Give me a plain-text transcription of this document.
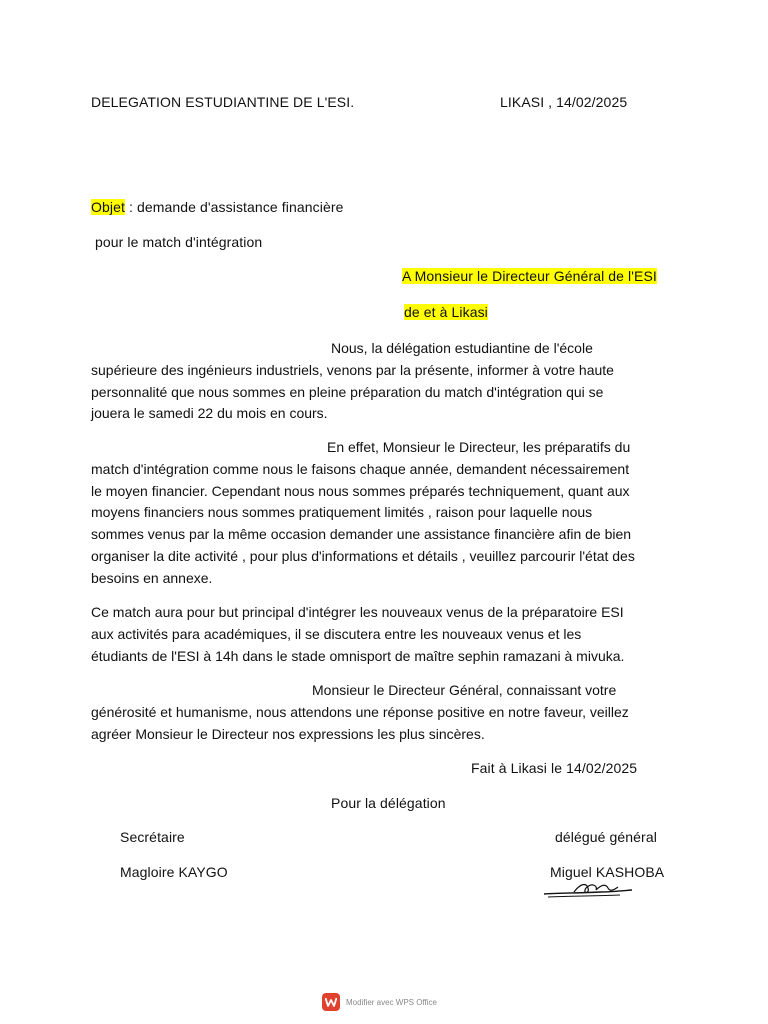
DELEGATION ESTUDIANTINE DE L'ESI.	LIKASI , 14/02/2025
Objet : demande d'assistance financière
pour le match d'intégration
A Monsieur le Directeur Général de l'ESI
de et à Likasi
Nous, la délégation estudiantine de l'école
supérieure des ingénieurs industriels, venons par la présente, informer à votre haute
personnalité que nous sommes en pleine préparation du match d'intégration qui se
jouera le samedi 22 du mois en cours.
En effet, Monsieur le Directeur, les préparatifs du
match d'intégration comme nous le faisons chaque année, demandent nécessairement
le moyen financier. Cependant nous nous sommes préparés techniquement, quant aux
moyens financiers nous sommes pratiquement limités , raison pour laquelle nous
sommes venus par la même occasion demander une assistance financière afin de bien
organiser la dite activité , pour plus d'informations et détails , veuillez parcourir l'état des
besoins en annexe.
Ce match aura pour but principal d'intégrer les nouveaux venus de la préparatoire ESI
aux activités para académiques, il se discutera entre les nouveaux venus et les
étudiants de l'ESI à 14h dans le stade omnisport de maître sephin ramazani à mivuka.
Monsieur le Directeur Général, connaissant votre
générosité et humanisme, nous attendons une réponse positive en notre faveur, veillez
agréer Monsieur le Directeur nos expressions les plus sincères.
Fait à Likasi le 14/02/2025
Pour la délégation
Secrétaire	délégué général
Magloire KAYGO	Miguel KASHOBA
Modifier avec WPS Office
